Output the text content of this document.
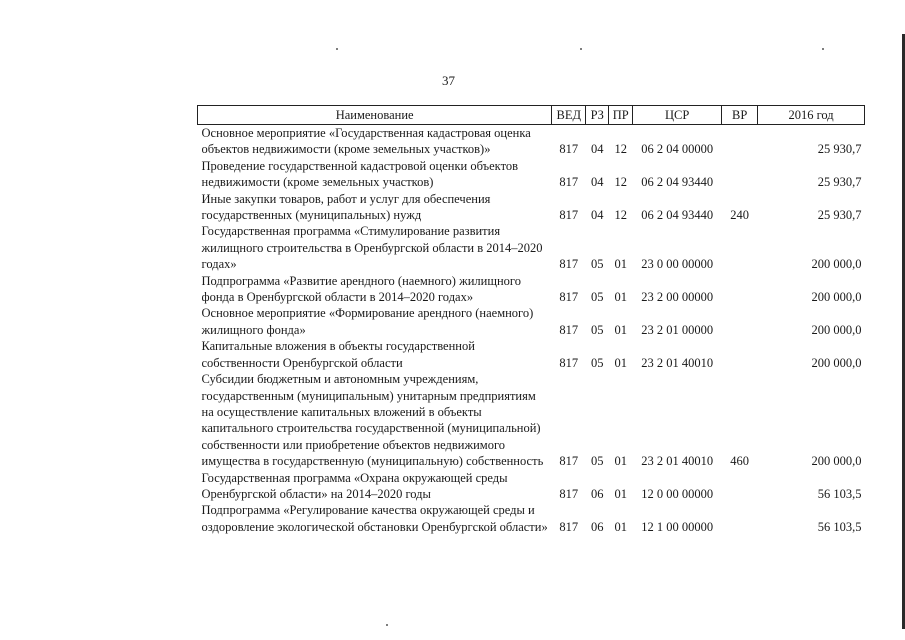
37
Наименование	ВЕД	РЗ	ПР	ЦСР	ВР	2016 год
Основное мероприятие «Государственная кадастровая оценка объектов недвижимости (кроме земельных участков)»	817	04	12	06 2 04 00000		25 930,7
Проведение государственной кадастровой оценки объектов недвижимости (кроме земельных участков)	817	04	12	06 2 04 93440		25 930,7
Иные закупки товаров, работ и услуг для обеспечения государственных (муниципальных) нужд	817	04	12	06 2 04 93440	240	25 930,7
Государственная программа «Стимулирование развития жилищного строительства в Оренбургской области в 2014–2020 годах»	817	05	01	23 0 00 00000		200 000,0
Подпрограмма «Развитие арендного (наемного) жилищного фонда в Оренбургской области в 2014–2020 годах»	817	05	01	23 2 00 00000		200 000,0
Основное мероприятие «Формирование арендного (наемного) жилищного фонда»	817	05	01	23 2 01 00000		200 000,0
Капитальные вложения в объекты государственной собственности Оренбургской области	817	05	01	23 2 01 40010		200 000,0
Субсидии бюджетным и автономным учреждениям, государственным (муниципальным) унитарным предприятиям на осуществление капитальных вложений в объекты капитального строительства государственной (муниципальной) собственности или приобретение объектов недвижимого имущества в государственную (муниципальную) собственность	817	05	01	23 2 01 40010	460	200 000,0
Государственная программа «Охрана окружающей среды Оренбургской области» на 2014–2020 годы	817	06	01	12 0 00 00000		56 103,5
Подпрограмма «Регулирование качества окружающей среды и оздоровление экологической обстановки Оренбургской области»	817	06	01	12 1 00 00000		56 103,5
